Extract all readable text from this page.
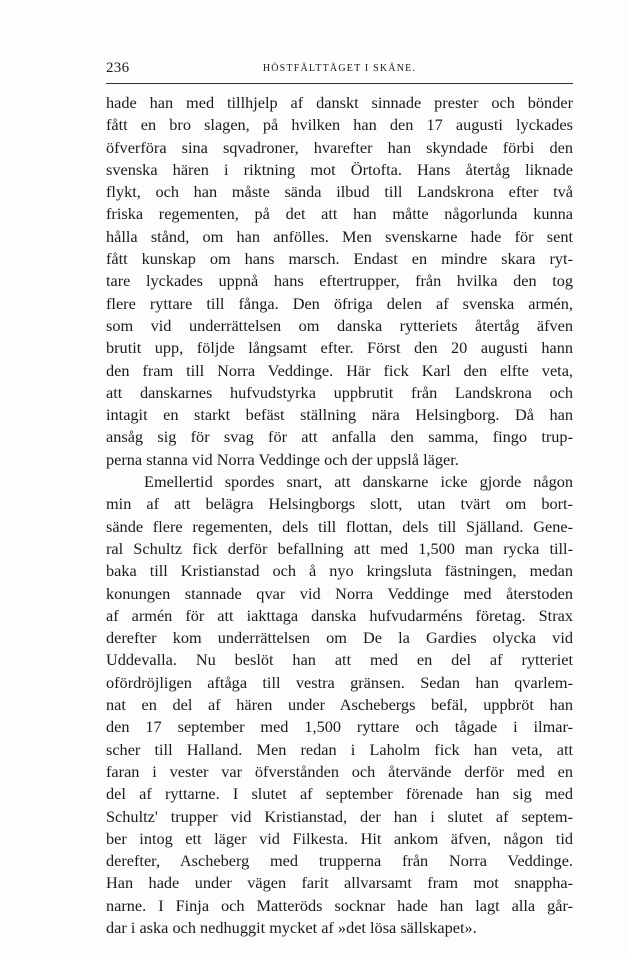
236	HÖSTFÄLTTÅGET I SKÅNE.
hade han med tillhjelp af danskt sinnade prester och bönder
fått en bro slagen, på hvilken han den 17 augusti lyckades
öfverföra sina sqvadroner, hvarefter han skyndade förbi den
svenska hären i riktning mot Örtofta. Hans återtåg liknade
flykt, och han måste sända ilbud till Landskrona efter två
friska regementen, på det att han måtte någorlunda kunna
hålla stånd, om han anfölles. Men svenskarne hade för sent
fått kunskap om hans marsch. Endast en mindre skara ryt-
tare lyckades uppnå hans eftertrupper, från hvilka den tog
flere ryttare till fånga. Den öfriga delen af svenska armén,
som vid underrättelsen om danska rytteriets återtåg äfven
brutit upp, följde långsamt efter. Först den 20 augusti hann
den fram till Norra Veddinge. Här fick Karl den elfte veta,
att danskarnes hufvudstyrka uppbrutit från Landskrona och
intagit en starkt befäst ställning nära Helsingborg. Då han
ansåg sig för svag för att anfalla den samma, fingo trup-
perna stanna vid Norra Veddinge och der uppslå läger.
Emellertid spordes snart, att danskarne icke gjorde någon
min af att belägra Helsingborgs slott, utan tvärt om bort-
sände flere regementen, dels till flottan, dels till Själland. Gene-
ral Schultz fick derför befallning att med 1,500 man rycka till-
baka till Kristianstad och å nyo kringsluta fästningen, medan
konungen stannade qvar vid Norra Veddinge med återstoden
af armén för att iakttaga danska hufvudarméns företag. Strax
derefter kom underrättelsen om De la Gardies olycka vid
Uddevalla. Nu beslöt han att med en del af rytteriet
ofördröjligen aftåga till vestra gränsen. Sedan han qvarlem-
nat en del af hären under Aschebergs befäl, uppbröt han
den 17 september med 1,500 ryttare och tågade i ilmar-
scher till Halland. Men redan i Laholm fick han veta, att
faran i vester var öfverstånden och återvände derför med en
del af ryttarne. I slutet af september förenade han sig med
Schultz' trupper vid Kristianstad, der han i slutet af septem-
ber intog ett läger vid Filkesta. Hit ankom äfven, någon tid
derefter, Ascheberg med trupperna från Norra Veddinge.
Han hade under vägen farit allvarsamt fram mot snappha-
narne. I Finja och Matteröds socknar hade han lagt alla går-
dar i aska och nedhuggit mycket af »det lösa sällskapet».
